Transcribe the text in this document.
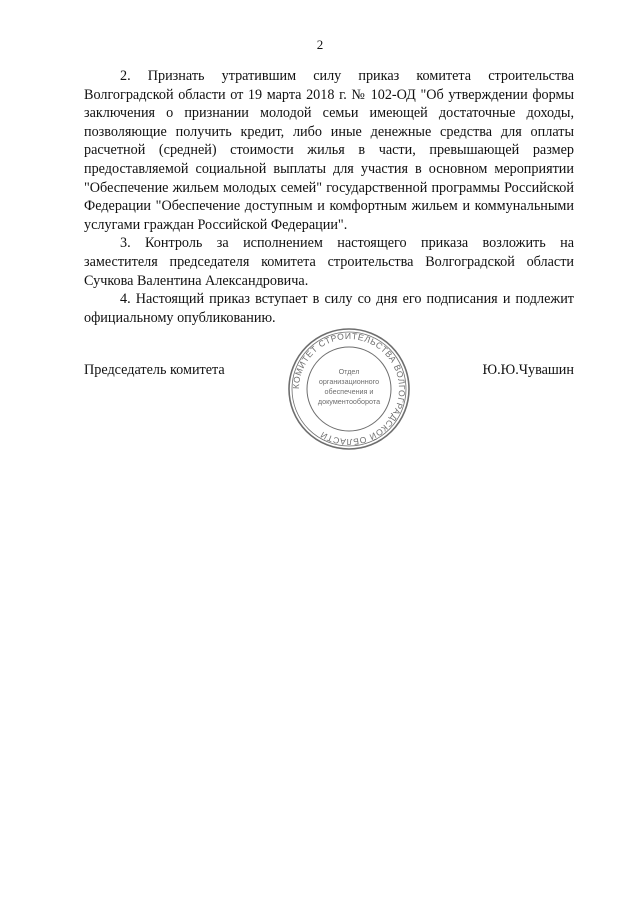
2

2. Признать утратившим силу приказ комитета строительства Волгоградской области от 19 марта 2018 г. № 102-ОД "Об утверждении формы заключения о признании молодой семьи имеющей достаточные доходы, позволяющие получить кредит, либо иные денежные средства для оплаты расчетной (средней) стоимости жилья в части, превышающей размер предоставляемой социальной выплаты для участия в основном мероприятии "Обеспечение жильем молодых семей" государственной программы Российской Федерации "Обеспечение доступным и комфортным жильем и коммунальными услугами граждан Российской Федерации".

3. Контроль за исполнением настоящего приказа возложить на заместителя председателя комитета строительства Волгоградской области Сучкова Валентина Александровича.

4. Настоящий приказ вступает в силу со дня его подписания и подлежит официальному опубликованию.

Председатель комитета	Ю.Ю.Чувашин
КОМИТЕТ СТРОИТЕЛЬСТВА ВОЛГОГРАДСКОЙ ОБЛАСТИ
Отдел
организационного
обеспечения и
документооборота
